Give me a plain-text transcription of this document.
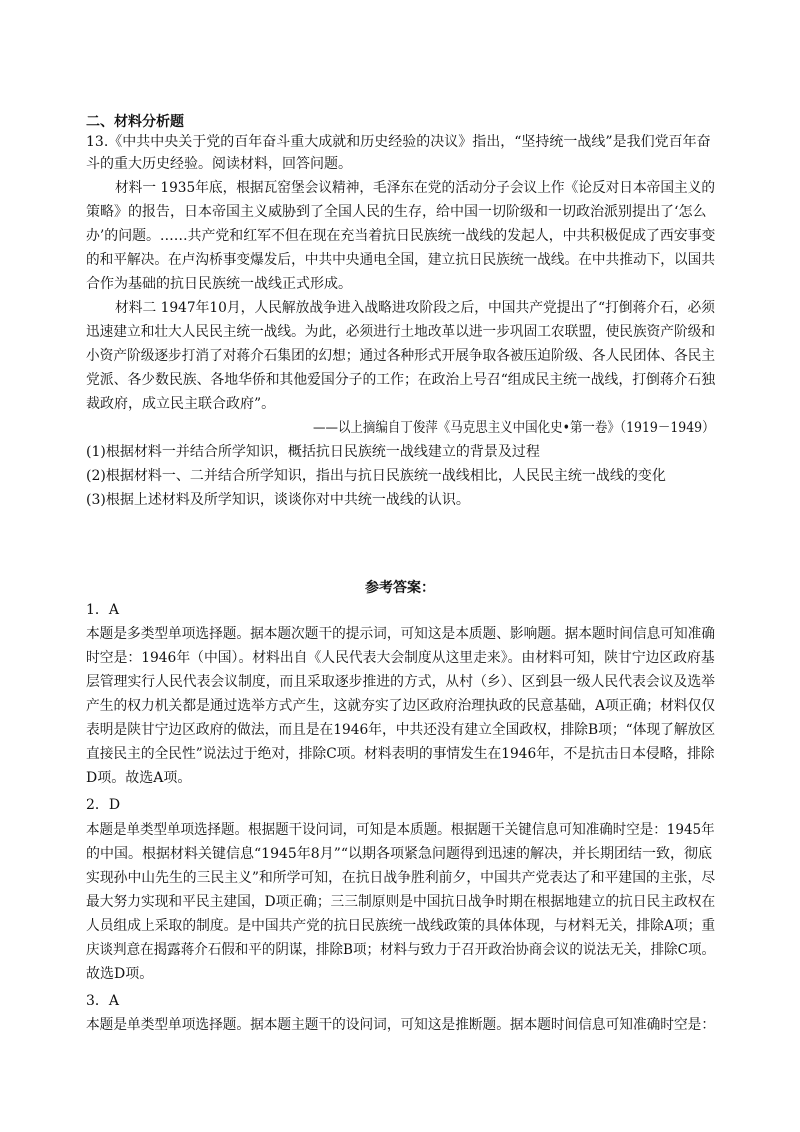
二、材料分析题
13.《中共中央关于党的百年奋斗重大成就和历史经验的决议》指出，“坚持统一战线”是我们党百年奋
斗的重大历史经验。阅读材料，回答问题。
材料一 1935年底，根据瓦窑堡会议精神，毛泽东在党的活动分子会议上作《论反对日本帝国主义的
策略》的报告，日本帝国主义威胁到了全国人民的生存，给中国一切阶级和一切政治派别提出了‘怎么
办’的问题。……共产党和红军不但在现在充当着抗日民族统一战线的发起人，中共积极促成了西安事变
的和平解决。在卢沟桥事变爆发后，中共中央通电全国，建立抗日民族统一战线。在中共推动下，以国共
合作为基础的抗日民族统一战线正式形成。
材料二 1947年10月，人民解放战争进入战略进攻阶段之后，中国共产党提出了“打倒蒋介石，必须
迅速建立和壮大人民民主统一战线。为此，必须进行土地改革以进一步巩固工农联盟，使民族资产阶级和
小资产阶级逐步打消了对蒋介石集团的幻想；通过各种形式开展争取各被压迫阶级、各人民团体、各民主
党派、各少数民族、各地华侨和其他爱国分子的工作；在政治上号召“组成民主统一战线，打倒蒋介石独
裁政府，成立民主联合政府”。
——以上摘编自丁俊萍《马克思主义中国化史•第一卷》（1919－1949）
(1)根据材料一并结合所学知识，概括抗日民族统一战线建立的背景及过程
(2)根据材料一、二并结合所学知识，指出与抗日民族统一战线相比，人民民主统一战线的变化
(3)根据上述材料及所学知识，谈谈你对中共统一战线的认识。
参考答案：
1．A
本题是多类型单项选择题。据本题次题干的提示词，可知这是本质题、影响题。据本题时间信息可知准确
时空是：1946年（中国）。材料出自《人民代表大会制度从这里走来》。由材料可知，陕甘宁边区政府基
层管理实行人民代表会议制度，而且采取逐步推进的方式，从村（乡）、区到县一级人民代表会议及选举
产生的权力机关都是通过选举方式产生，这就夯实了边区政府治理执政的民意基础，A项正确；材料仅仅
表明是陕甘宁边区政府的做法，而且是在1946年，中共还没有建立全国政权，排除B项；“体现了解放区
直接民主的全民性”说法过于绝对，排除C项。材料表明的事情发生在1946年，不是抗击日本侵略，排除
D项。故选A项。
2．D
本题是单类型单项选择题。根据题干设问词，可知是本质题。根据题干关键信息可知准确时空是：1945年
的中国。根据材料关键信息“1945年8月”“以期各项紧急问题得到迅速的解决，并长期团结一致，彻底
实现孙中山先生的三民主义”和所学可知，在抗日战争胜利前夕，中国共产党表达了和平建国的主张，尽
最大努力实现和平民主建国，D项正确；三三制原则是中国抗日战争时期在根据地建立的抗日民主政权在
人员组成上采取的制度。是中国共产党的抗日民族统一战线政策的具体体现，与材料无关，排除A项；重
庆谈判意在揭露蒋介石假和平的阴谋，排除B项；材料与致力于召开政治协商会议的说法无关，排除C项。
故选D项。
3．A
本题是单类型单项选择题。据本题主题干的设问词，可知这是推断题。据本题时间信息可知准确时空是：
